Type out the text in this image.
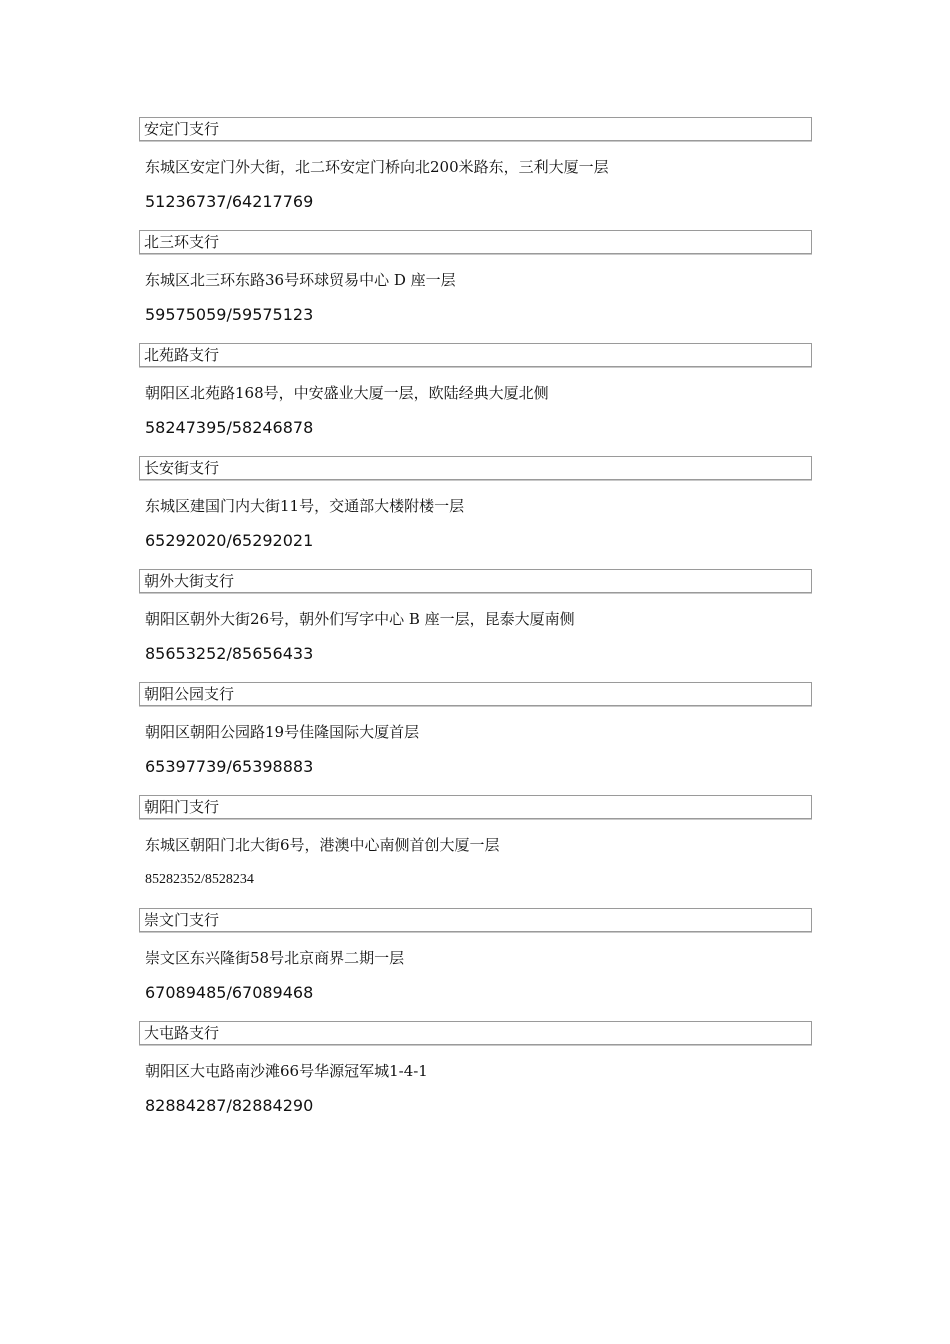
安定门支行
东城区安定门外大街，北二环安定门桥向北200米路东，三利大厦一层
51236737/64217769
北三环支行
东城区北三环东路36号环球贸易中心 D 座一层
59575059/59575123
北苑路支行
朝阳区北苑路168号，中安盛业大厦一层，欧陆经典大厦北侧
58247395/58246878
长安街支行
东城区建国门内大街11号，交通部大楼附楼一层
65292020/65292021
朝外大街支行
朝阳区朝外大街26号，朝外们写字中心 B 座一层，昆泰大厦南侧
85653252/85656433
朝阳公园支行
朝阳区朝阳公园路19号佳隆国际大厦首层
65397739/65398883
朝阳门支行
东城区朝阳门北大街6号，港澳中心南侧首创大厦一层
85282352/8528234
崇文门支行
崇文区东兴隆街58号北京商界二期一层
67089485/67089468
大屯路支行
朝阳区大屯路南沙滩66号华源冠军城1-4-1
82884287/82884290
